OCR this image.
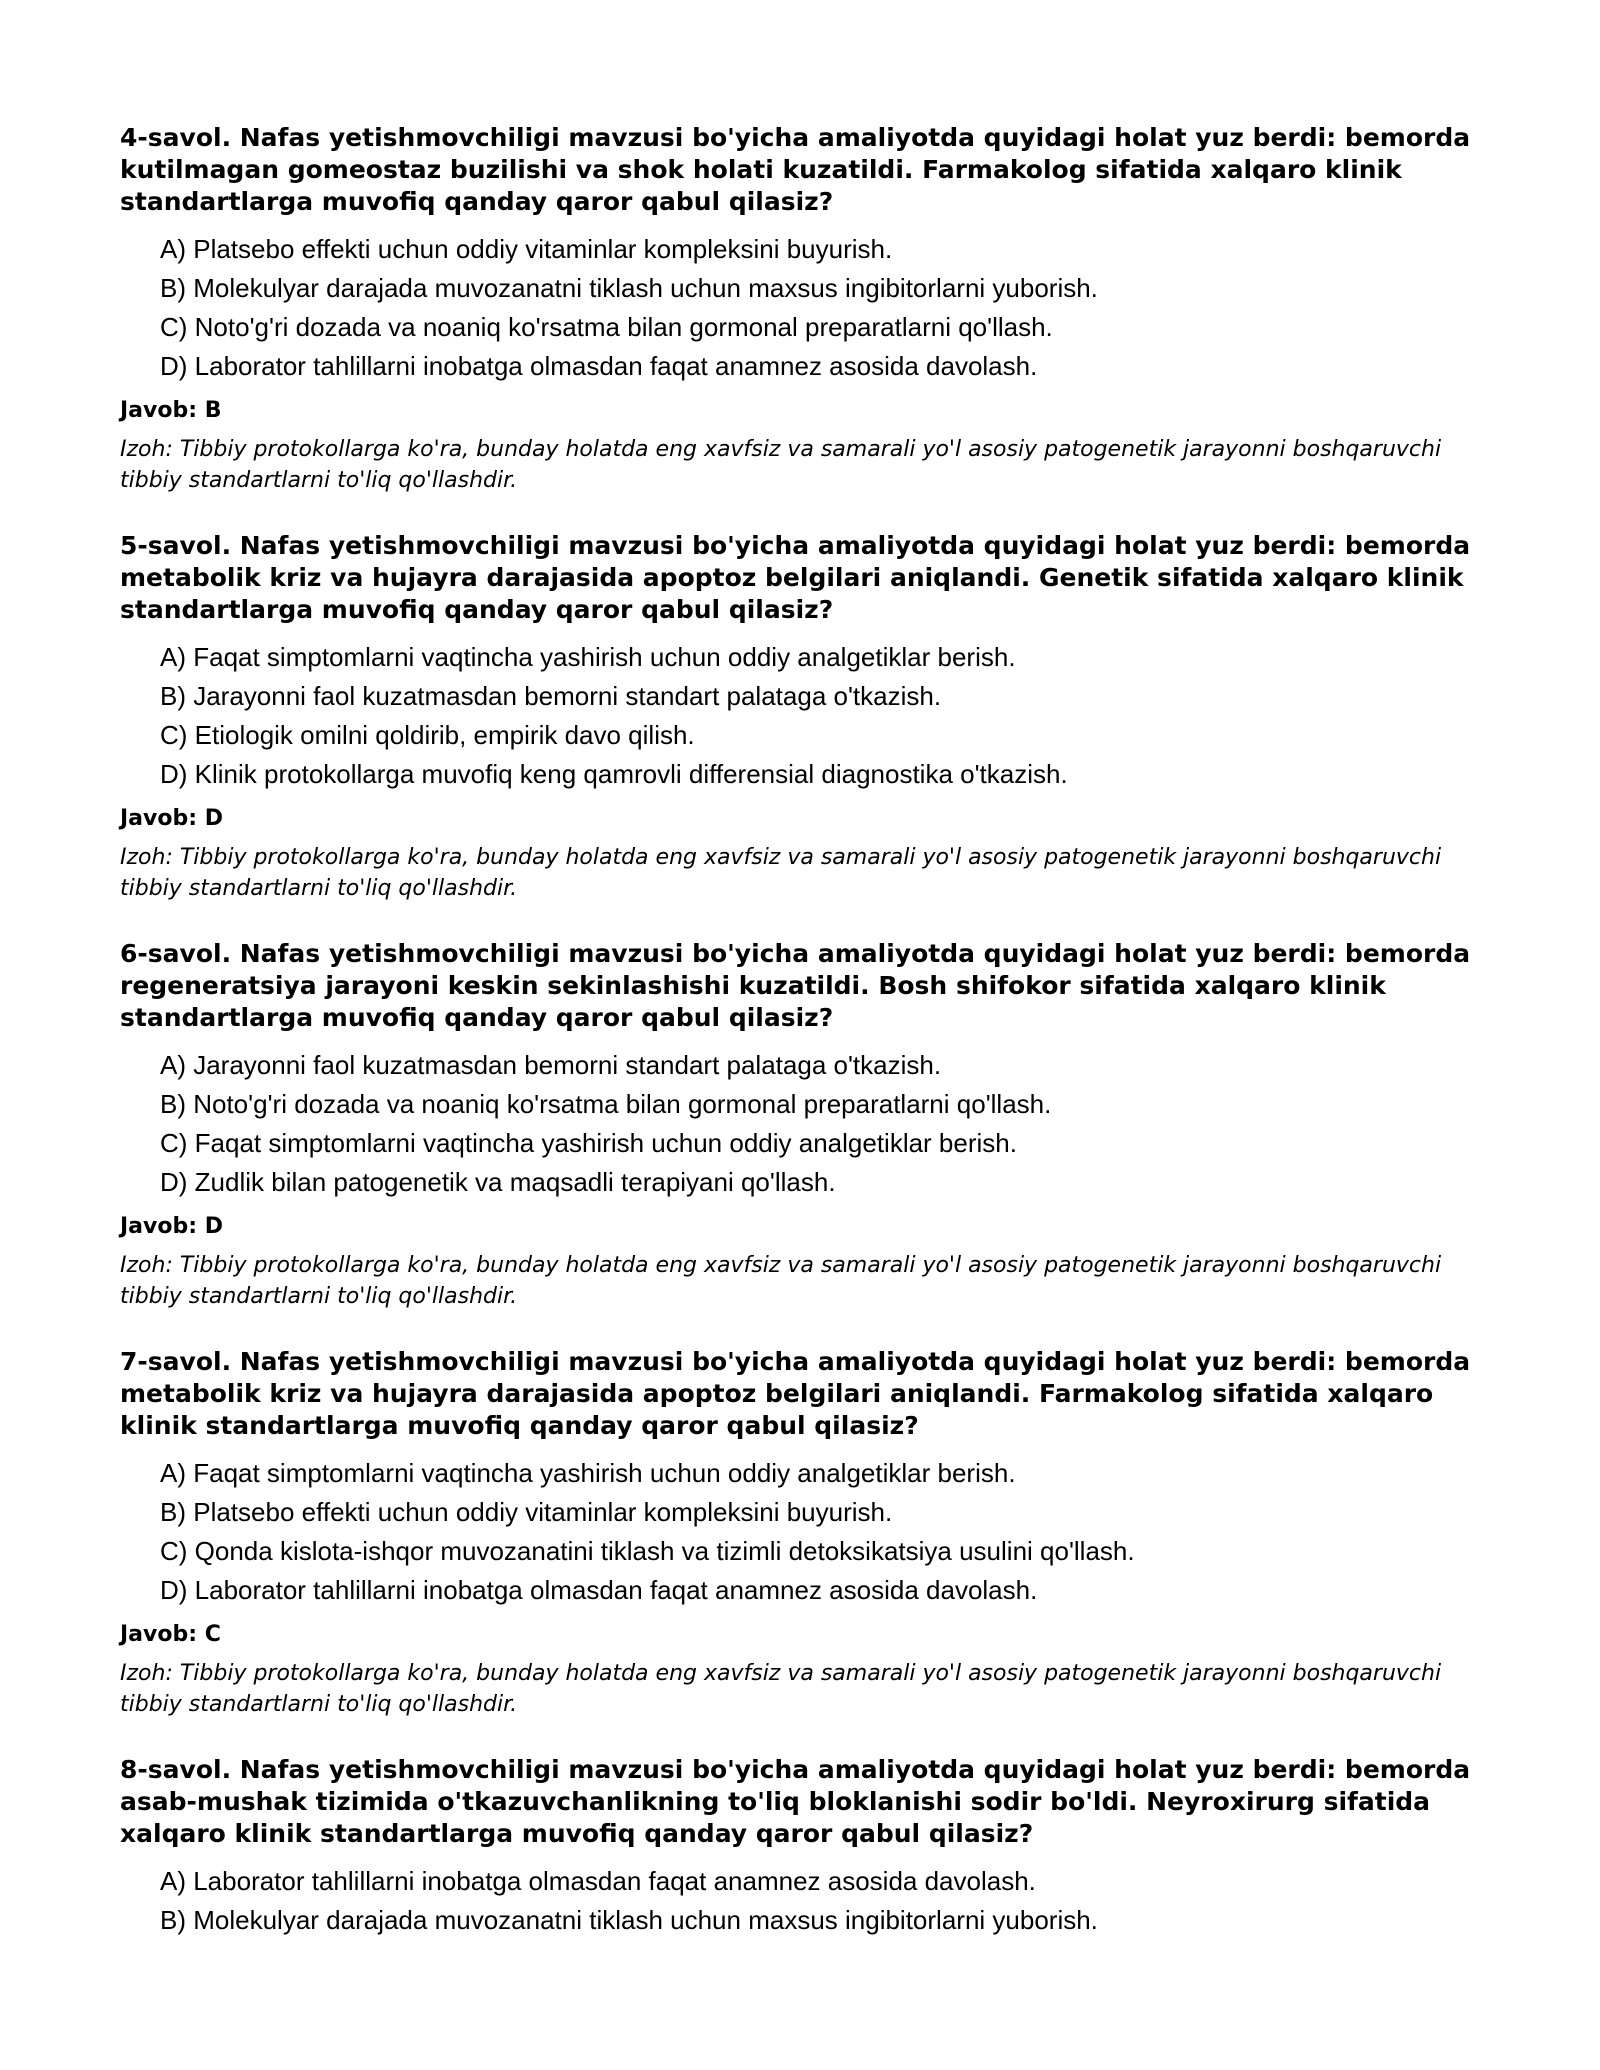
4-savol. Nafas yetishmovchiligi mavzusi bo'yicha amaliyotda quyidagi holat yuz berdi: bemorda kutilmagan gomeostaz buzilishi va shok holati kuzatildi. Farmakolog sifatida xalqaro klinik standartlarga muvofiq qanday qaror qabul qilasiz?

A) Platsebo effekti uchun oddiy vitaminlar kompleksini buyurish.
B) Molekulyar darajada muvozanatni tiklash uchun maxsus ingibitorlarni yuborish.
C) Noto'g'ri dozada va noaniq ko'rsatma bilan gormonal preparatlarni qo'llash.
D) Laborator tahlillarni inobatga olmasdan faqat anamnez asosida davolash.
Javob: B
Izoh: Tibbiy protokollarga ko'ra, bunday holatda eng xavfsiz va samarali yo'l asosiy patogenetik jarayonni boshqaruvchi tibbiy standartlarni to'liq qo'llashdir.

5-savol. Nafas yetishmovchiligi mavzusi bo'yicha amaliyotda quyidagi holat yuz berdi: bemorda metabolik kriz va hujayra darajasida apoptoz belgilari aniqlandi. Genetik sifatida xalqaro klinik standartlarga muvofiq qanday qaror qabul qilasiz?

A) Faqat simptomlarni vaqtincha yashirish uchun oddiy analgetiklar berish.
B) Jarayonni faol kuzatmasdan bemorni standart palataga o'tkazish.
C) Etiologik omilni qoldirib, empirik davo qilish.
D) Klinik protokollarga muvofiq keng qamrovli differensial diagnostika o'tkazish.
Javob: D
Izoh: Tibbiy protokollarga ko'ra, bunday holatda eng xavfsiz va samarali yo'l asosiy patogenetik jarayonni boshqaruvchi tibbiy standartlarni to'liq qo'llashdir.

6-savol. Nafas yetishmovchiligi mavzusi bo'yicha amaliyotda quyidagi holat yuz berdi: bemorda regeneratsiya jarayoni keskin sekinlashishi kuzatildi. Bosh shifokor sifatida xalqaro klinik standartlarga muvofiq qanday qaror qabul qilasiz?

A) Jarayonni faol kuzatmasdan bemorni standart palataga o'tkazish.
B) Noto'g'ri dozada va noaniq ko'rsatma bilan gormonal preparatlarni qo'llash.
C) Faqat simptomlarni vaqtincha yashirish uchun oddiy analgetiklar berish.
D) Zudlik bilan patogenetik va maqsadli terapiyani qo'llash.
Javob: D
Izoh: Tibbiy protokollarga ko'ra, bunday holatda eng xavfsiz va samarali yo'l asosiy patogenetik jarayonni boshqaruvchi tibbiy standartlarni to'liq qo'llashdir.

7-savol. Nafas yetishmovchiligi mavzusi bo'yicha amaliyotda quyidagi holat yuz berdi: bemorda metabolik kriz va hujayra darajasida apoptoz belgilari aniqlandi. Farmakolog sifatida xalqaro klinik standartlarga muvofiq qanday qaror qabul qilasiz?

A) Faqat simptomlarni vaqtincha yashirish uchun oddiy analgetiklar berish.
B) Platsebo effekti uchun oddiy vitaminlar kompleksini buyurish.
C) Qonda kislota-ishqor muvozanatini tiklash va tizimli detoksikatsiya usulini qo'llash.
D) Laborator tahlillarni inobatga olmasdan faqat anamnez asosida davolash.
Javob: C
Izoh: Tibbiy protokollarga ko'ra, bunday holatda eng xavfsiz va samarali yo'l asosiy patogenetik jarayonni boshqaruvchi tibbiy standartlarni to'liq qo'llashdir.

8-savol. Nafas yetishmovchiligi mavzusi bo'yicha amaliyotda quyidagi holat yuz berdi: bemorda asab-mushak tizimida o'tkazuvchanlikning to'liq bloklanishi sodir bo'ldi. Neyroxirurg sifatida xalqaro klinik standartlarga muvofiq qanday qaror qabul qilasiz?

A) Laborator tahlillarni inobatga olmasdan faqat anamnez asosida davolash.
B) Molekulyar darajada muvozanatni tiklash uchun maxsus ingibitorlarni yuborish.
